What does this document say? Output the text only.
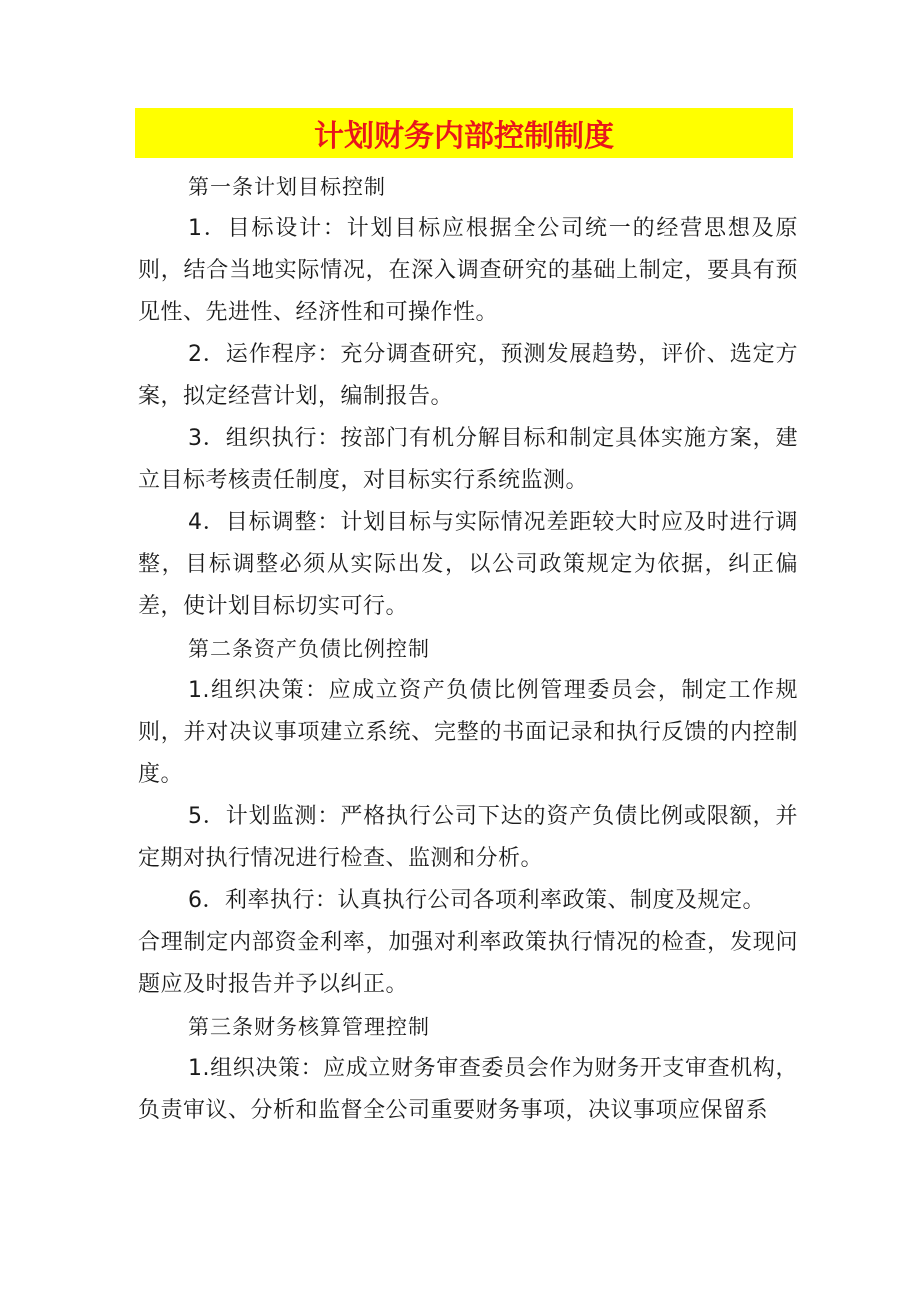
计划财务内部控制制度

第一条计划目标控制

1．目标设计：计划目标应根据全公司统一的经营思想及原则，结合当地实际情况，在深入调查研究的基础上制定，要具有预见性、先进性、经济性和可操作性。

2．运作程序：充分调查研究，预测发展趋势，评价、选定方案，拟定经营计划，编制报告。

3．组织执行：按部门有机分解目标和制定具体实施方案，建立目标考核责任制度，对目标实行系统监测。

4．目标调整：计划目标与实际情况差距较大时应及时进行调整，目标调整必须从实际出发，以公司政策规定为依据，纠正偏差，使计划目标切实可行。

第二条资产负债比例控制

1.组织决策：应成立资产负债比例管理委员会，制定工作规则，并对决议事项建立系统、完整的书面记录和执行反馈的内控制度。

5．计划监测：严格执行公司下达的资产负债比例或限额，并定期对执行情况进行检查、监测和分析。

6．利率执行：认真执行公司各项利率政策、制度及规定。

合理制定内部资金利率，加强对利率政策执行情况的检查，发现问题应及时报告并予以纠正。

第三条财务核算管理控制

1.组织决策：应成立财务审查委员会作为财务开支审查机构，负责审议、分析和监督全公司重要财务事项，决议事项应保留系
